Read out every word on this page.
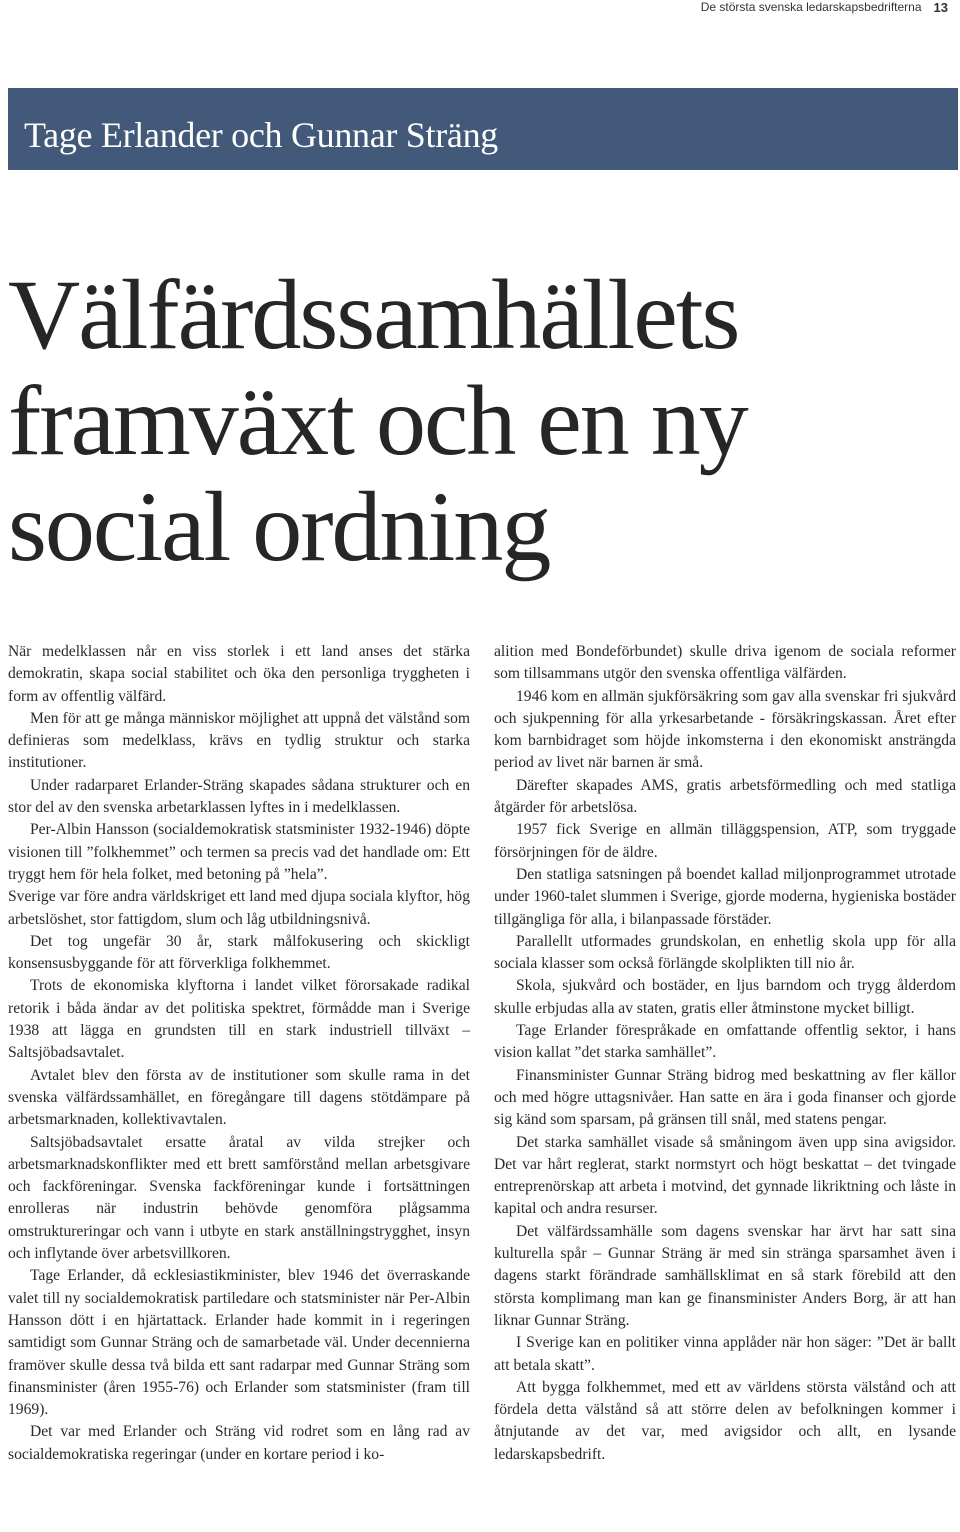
De största svenska ledarskapsbedrifterna 13
Tage Erlander och Gunnar Sträng
Välfärdssamhällets
framväxt och en ny
social ordning

När medelklassen når en viss storlek i ett land anses det stärka demokratin, skapa social stabilitet och öka den personliga tryggheten i form av offentlig välfärd.

Men för att ge många människor möjlighet att uppnå det välstånd som definieras som medelklass, krävs en tydlig struktur och starka institutioner.

Under radarparet Erlander-Sträng skapades sådana strukturer och en stor del av den svenska arbetarklassen lyftes in i medelklassen.

Per-Albin Hansson (socialdemokratisk statsminister 1932-1946) döpte visionen till ”folkhemmet” och termen sa precis vad det handlade om: Ett tryggt hem för hela folket, med betoning på ”hela”.

Sverige var före andra världskriget ett land med djupa sociala klyftor, hög arbetslöshet, stor fattigdom, slum och låg utbildningsnivå.

Det tog ungefär 30 år, stark målfokusering och skickligt konsensusbyggande för att förverkliga folkhemmet.

Trots de ekonomiska klyftorna i landet vilket förorsakade radikal retorik i båda ändar av det politiska spektret, förmådde man i Sverige 1938 att lägga en grundsten till en stark industriell tillväxt – Saltsjöbadsavtalet.

Avtalet blev den första av de institutioner som skulle rama in det svenska välfärdssamhället, en föregångare till dagens stötdämpare på arbetsmarknaden, kollektivavtalen.

Saltsjöbadsavtalet ersatte åratal av vilda strejker och arbetsmarknadskonflikter med ett brett samförstånd mellan arbetsgivare och fackföreningar. Svenska fackföreningar kunde i fortsättningen enrolleras när industrin behövde genomföra plågsamma omstruktureringar och vann i utbyte en stark anställningstrygghet, insyn och inflytande över arbetsvillkoren.

Tage Erlander, då ecklesiastikminister, blev 1946 det överraskande valet till ny socialdemokratisk partiledare och statsminister när Per-Albin Hansson dött i en hjärtattack. Erlander hade kommit in i regeringen samtidigt som Gunnar Sträng och de samarbetade väl. Under decennierna framöver skulle dessa två bilda ett sant radarpar med Gunnar Sträng som finansminister (åren 1955-76) och Erlander som statsminister (fram till 1969).

Det var med Erlander och Sträng vid rodret som en lång rad av socialdemokratiska regeringar (under en kortare period i ko-

alition med Bondeförbundet) skulle driva igenom de sociala reformer som tillsammans utgör den svenska offentliga välfärden.

1946 kom en allmän sjukförsäkring som gav alla svenskar fri sjukvård och sjukpenning för alla yrkesarbetande - försäkringskassan. Året efter kom barnbidraget som höjde inkomsterna i den ekonomiskt ansträngda period av livet när barnen är små.

Därefter skapades AMS, gratis arbetsförmedling och med statliga åtgärder för arbetslösa.

1957 fick Sverige en allmän tilläggspension, ATP, som tryggade försörjningen för de äldre.

Den statliga satsningen på boendet kallad miljonprogrammet utrotade under 1960-talet slummen i Sverige, gjorde moderna, hygieniska bostäder tillgängliga för alla, i bilanpassade förstäder.

Parallellt utformades grundskolan, en enhetlig skola upp för alla sociala klasser som också förlängde skolplikten till nio år.

Skola, sjukvård och bostäder, en ljus barndom och trygg ålderdom skulle erbjudas alla av staten, gratis eller åtminstone mycket billigt.

Tage Erlander förespråkade en omfattande offentlig sektor, i hans vision kallat ”det starka samhället”.

Finansminister Gunnar Sträng bidrog med beskattning av fler källor och med högre uttagsnivåer. Han satte en ära i goda finanser och gjorde sig känd som sparsam, på gränsen till snål, med statens pengar.

Det starka samhället visade så småningom även upp sina avigsidor. Det var hårt reglerat, starkt normstyrt och högt beskattat – det tvingade entreprenörskap att arbeta i motvind, det gynnade likriktning och låste in kapital och andra resurser.

Det välfärdssamhälle som dagens svenskar har ärvt har satt sina kulturella spår – Gunnar Sträng är med sin stränga sparsamhet även i dagens starkt förändrade samhällsklimat en så stark förebild att den största komplimang man kan ge finansminister Anders Borg, är att han liknar Gunnar Sträng.

I Sverige kan en politiker vinna applåder när hon säger: ”Det är ballt att betala skatt”.

Att bygga folkhemmet, med ett av världens största välstånd och att fördela detta välstånd så att större delen av befolkningen kommer i åtnjutande av det var, med avigsidor och allt, en lysande ledarskapsbedrift.
